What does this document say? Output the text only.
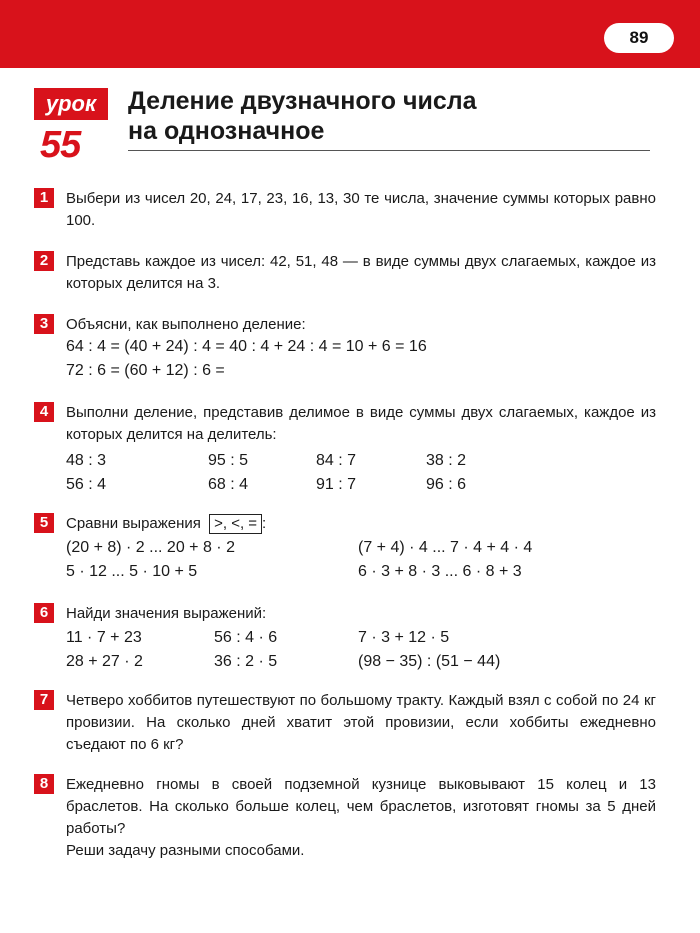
89
урок
55
Деление двузначного числа
на однозначное
1	Выбери из чисел 20, 24, 17, 23, 16, 13, 30 те числа, значение суммы которых равно 100.
2	Представь каждое из чисел: 42, 51, 48 — в виде суммы двух слагаемых, каждое из которых делится на 3.
3	Объясни, как выполнено деление:
64 : 4 = (40 + 24) : 4 = 40 : 4 + 24 : 4 = 10 + 6 = 16
72 : 6 = (60 + 12) : 6 =
4	Выполни деление, представив делимое в виде суммы двух слагаемых, каждое из которых делится на делитель:
48 : 3	95 : 5	84 : 7	38 : 2
56 : 4	68 : 4	91 : 7	96 : 6
5	Сравни выражения >, <, = :
(20 + 8) · 2 ... 20 + 8 · 2	(7 + 4) · 4 ... 7 · 4 + 4 · 4
5 · 12 ... 5 · 10 + 5	6 · 3 + 8 · 3 ... 6 · 8 + 3
6	Найди значения выражений:
11 · 7 + 23	56 : 4 · 6	7 · 3 + 12 · 5
28 + 27 · 2	36 : 2 · 5	(98 − 35) : (51 − 44)
7	Четверо хоббитов путешествуют по большому тракту. Каждый взял с собой по 24 кг провизии. На сколько дней хватит этой провизии, если хоббиты ежедневно съедают по 6 кг?
8	Ежедневно гномы в своей подземной кузнице выковывают 15 колец и 13 браслетов. На сколько больше колец, чем браслетов, изготовят гномы за 5 дней работы?
Реши задачу разными способами.
